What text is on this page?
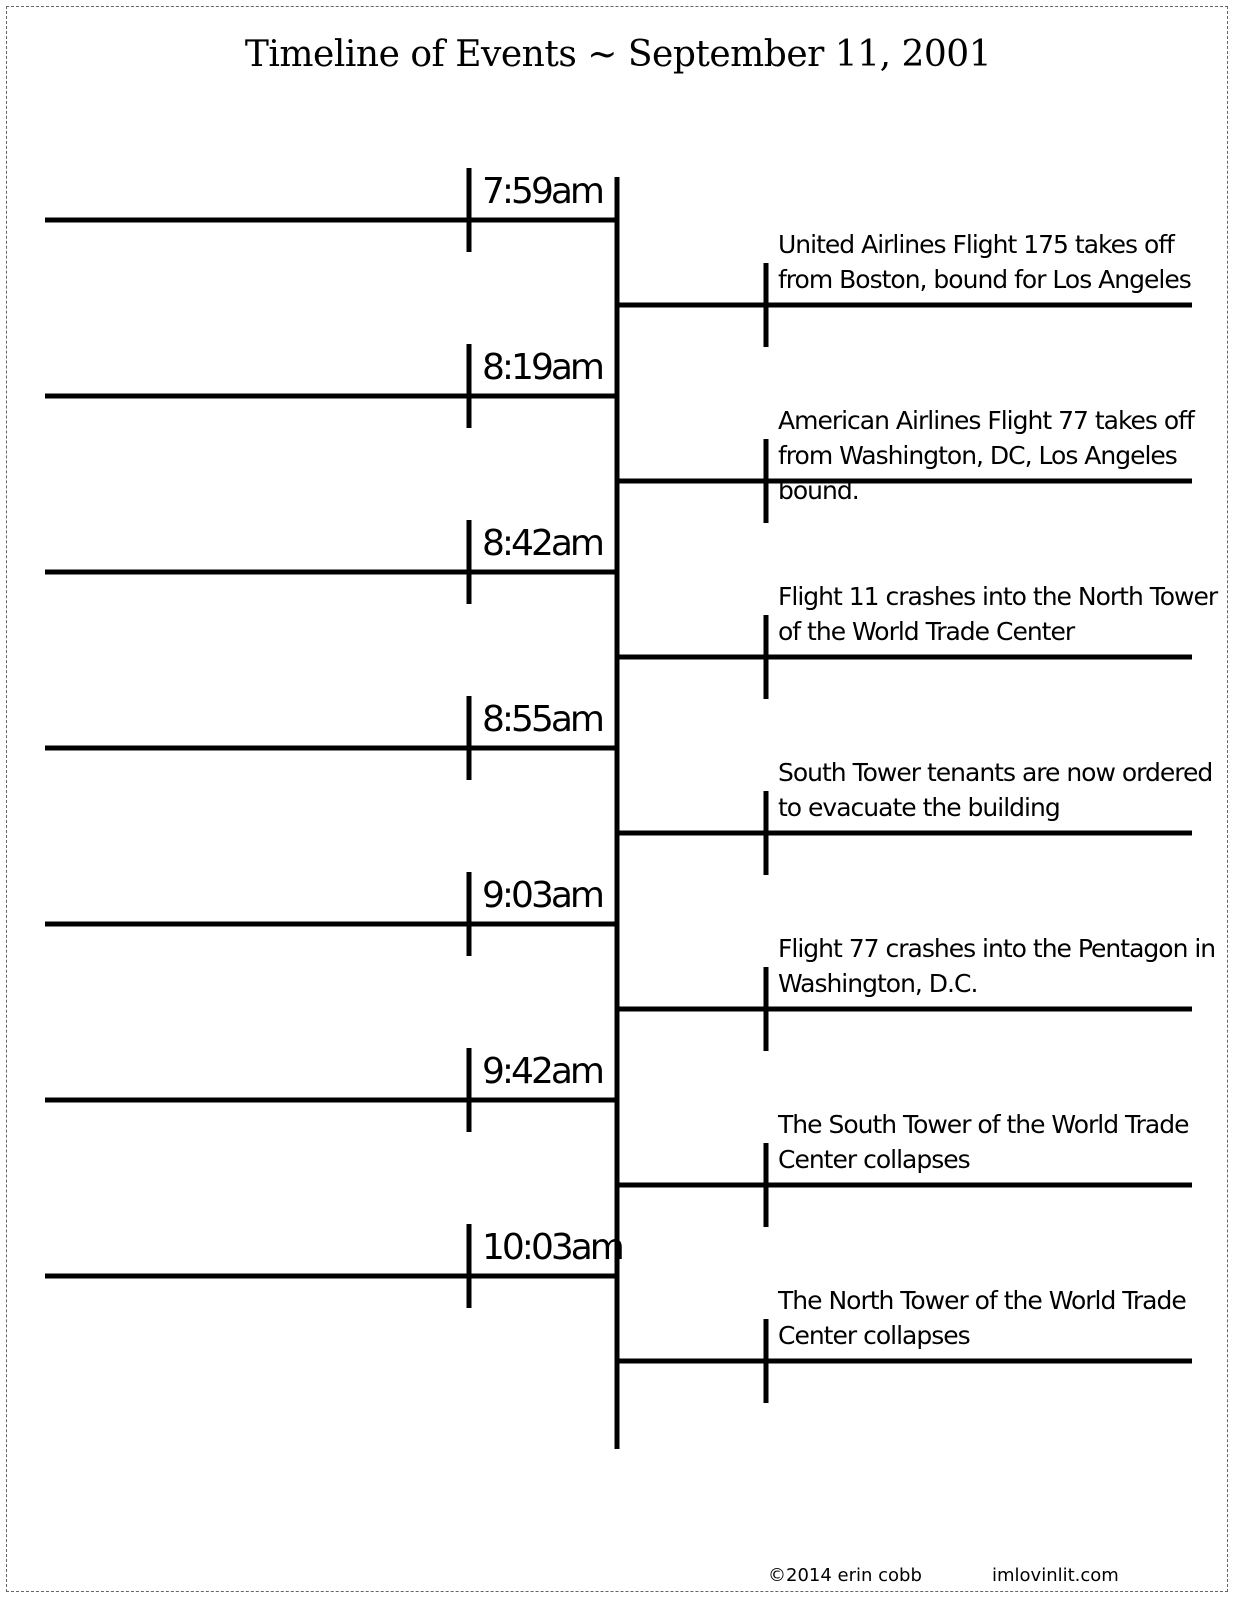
Timeline of Events ~ September 11, 2001
7:59am
United Airlines Flight 175 takes off from Boston, bound for Los Angeles
8:19am
American Airlines Flight 77 takes off from Washington, DC, Los Angeles bound.
8:42am
Flight 11 crashes into the North Tower of the World Trade Center
8:55am
South Tower tenants are now ordered to evacuate the building
9:03am
Flight 77 crashes into the Pentagon in Washington, D.C.
9:42am
The South Tower of the World Trade Center collapses
10:03am
The North Tower of the World Trade Center collapses
©2014 erin cobb	imlovinlit.com
